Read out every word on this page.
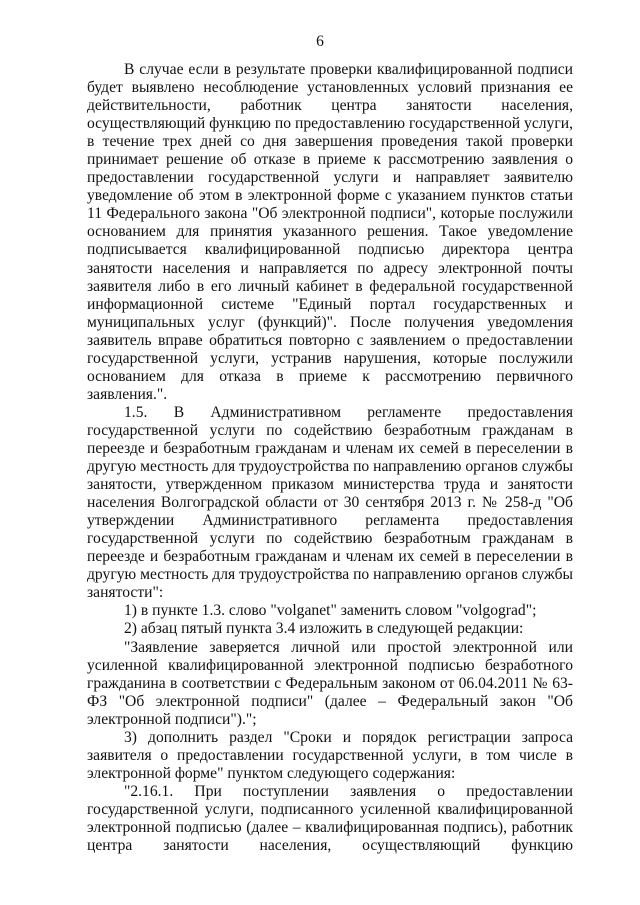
6

В случае если в результате проверки квалифицированной подписи будет выявлено несоблюдение установленных условий признания ее действительности, работник центра занятости населения, осуществляющий функцию по предоставлению государственной услуги, в течение трех дней со дня завершения проведения такой проверки принимает решение об отказе в приеме к рассмотрению заявления о предоставлении государственной услуги и направляет заявителю уведомление об этом в электронной форме с указанием пунктов статьи 11 Федерального закона "Об электронной подписи", которые послужили основанием для принятия указанного решения. Такое уведомление подписывается квалифицированной подписью директора центра занятости населения и направляется по адресу электронной почты заявителя либо в его личный кабинет в федеральной государственной информационной системе "Единый портал государственных и муниципальных услуг (функций)". После получения уведомления заявитель вправе обратиться повторно с заявлением о предоставлении государственной услуги, устранив нарушения, которые послужили основанием для отказа в приеме к рассмотрению первичного заявления.".

1.5. В Административном регламенте предоставления государственной услуги по содействию безработным гражданам в переезде и безработным гражданам и членам их семей в переселении в другую местность для трудоустройства по направлению органов службы занятости, утвержденном приказом министерства труда и занятости населения Волгоградской области от 30 сентября 2013 г. № 258-д "Об утверждении Административного регламента предоставления государственной услуги по содействию безработным гражданам в переезде и безработным гражданам и членам их семей в переселении в другую местность для трудоустройства по направлению органов службы занятости":

1) в пункте 1.3. слово "volganet" заменить словом "volgograd";

2) абзац пятый пункта 3.4 изложить в следующей редакции:

"Заявление заверяется личной или простой электронной или усиленной квалифицированной электронной подписью безработного гражданина в соответствии с Федеральным законом от 06.04.2011 № 63-ФЗ "Об электронной подписи" (далее – Федеральный закон "Об электронной подписи").";

3) дополнить раздел "Сроки и порядок регистрации запроса заявителя о предоставлении государственной услуги, в том числе в электронной форме" пунктом следующего содержания:

"2.16.1. При поступлении заявления о предоставлении государственной услуги, подписанного усиленной квалифицированной электронной подписью (далее – квалифицированная подпись), работник центра занятости населения, осуществляющий функцию
